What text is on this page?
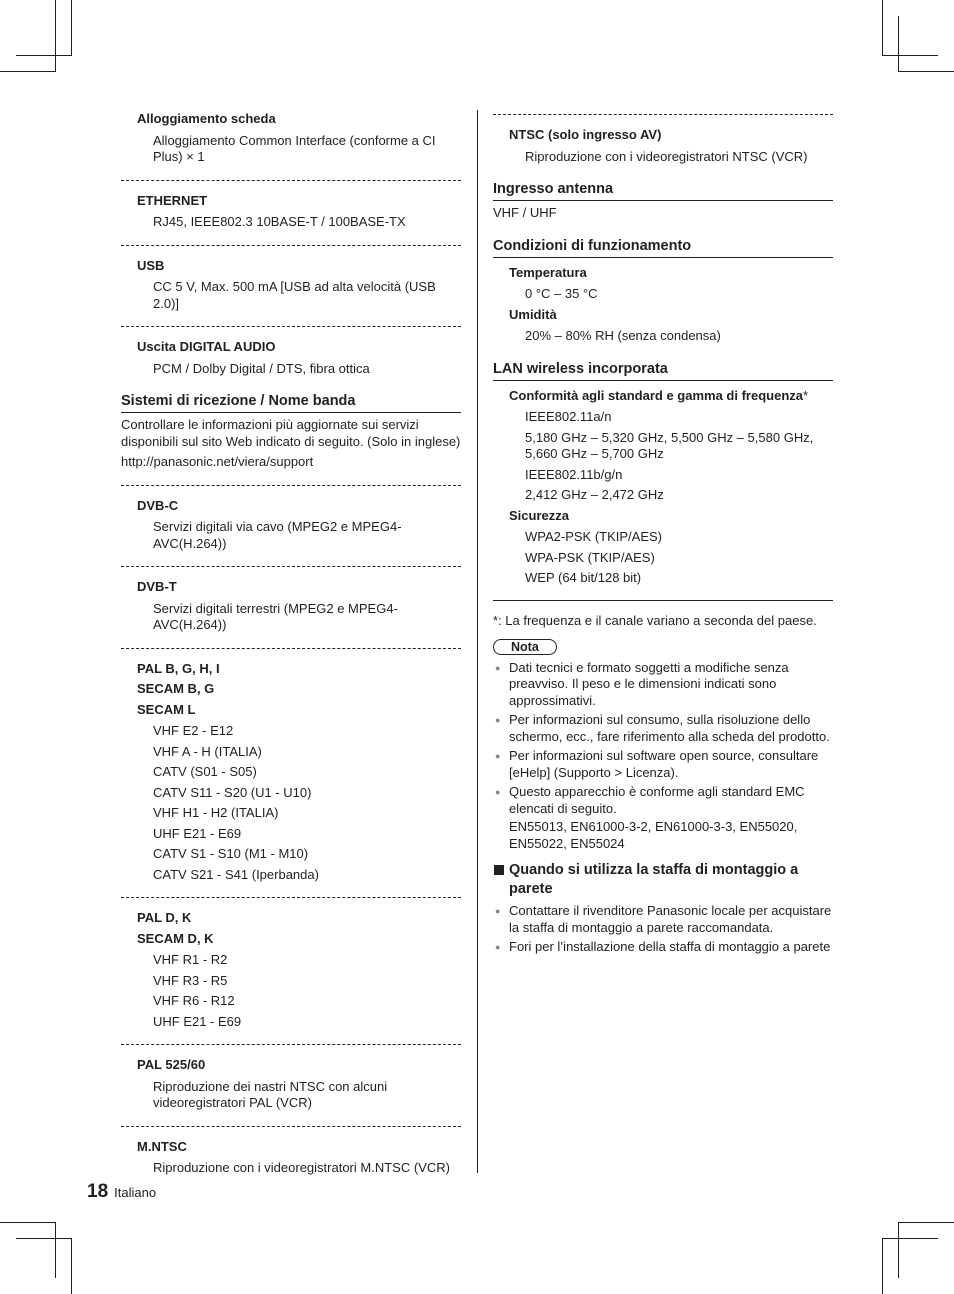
Alloggiamento scheda
Alloggiamento Common Interface (conforme a CI Plus) × 1
ETHERNET
RJ45, IEEE802.3 10BASE-T / 100BASE-TX
USB
CC 5 V, Max. 500 mA [USB ad alta velocità (USB 2.0)]
Uscita DIGITAL AUDIO
PCM / Dolby Digital / DTS, fibra ottica
Sistemi di ricezione / Nome banda
Controllare le informazioni più aggiornate sui servizi disponibili sul sito Web indicato di seguito. (Solo in inglese)
http://panasonic.net/viera/support
DVB-C
Servizi digitali via cavo (MPEG2 e MPEG4-AVC(H.264))
DVB-T
Servizi digitali terrestri (MPEG2 e MPEG4-AVC(H.264))
PAL B, G, H, I
SECAM B, G
SECAM L
VHF E2 - E12
VHF A - H (ITALIA)
CATV (S01 - S05)
CATV S11 - S20 (U1 - U10)
VHF H1 - H2 (ITALIA)
UHF E21 - E69
CATV S1 - S10 (M1 - M10)
CATV S21 - S41 (Iperbanda)
PAL D, K
SECAM D, K
VHF R1 - R2
VHF R3 - R5
VHF R6 - R12
UHF E21 - E69
PAL 525/60
Riproduzione dei nastri NTSC con alcuni videoregistratori PAL (VCR)
M.NTSC
Riproduzione con i videoregistratori M.NTSC (VCR)
NTSC (solo ingresso AV)
Riproduzione con i videoregistratori NTSC (VCR)
Ingresso antenna
VHF / UHF
Condizioni di funzionamento
Temperatura
0 °C – 35 °C
Umidità
20% – 80% RH (senza condensa)
LAN wireless incorporata
Conformità agli standard e gamma di frequenza*
IEEE802.11a/n
5,180 GHz – 5,320 GHz, 5,500 GHz – 5,580 GHz, 5,660 GHz – 5,700 GHz
IEEE802.11b/g/n
2,412 GHz – 2,472 GHz
Sicurezza
WPA2-PSK (TKIP/AES)
WPA-PSK (TKIP/AES)
WEP (64 bit/128 bit)
*: La frequenza e il canale variano a seconda del paese.
Nota
● Dati tecnici e formato soggetti a modifiche senza preavviso. Il peso e le dimensioni indicati sono approssimativi.
● Per informazioni sul consumo, sulla risoluzione dello schermo, ecc., fare riferimento alla scheda del prodotto.
● Per informazioni sul software open source, consultare [eHelp] (Supporto > Licenza).
● Questo apparecchio è conforme agli standard EMC elencati di seguito.
EN55013, EN61000-3-2, EN61000-3-3, EN55020, EN55022, EN55024
Quando si utilizza la staffa di montaggio a parete
● Contattare il rivenditore Panasonic locale per acquistare la staffa di montaggio a parete raccomandata.
● Fori per l’installazione della staffa di montaggio a parete
18 Italiano
